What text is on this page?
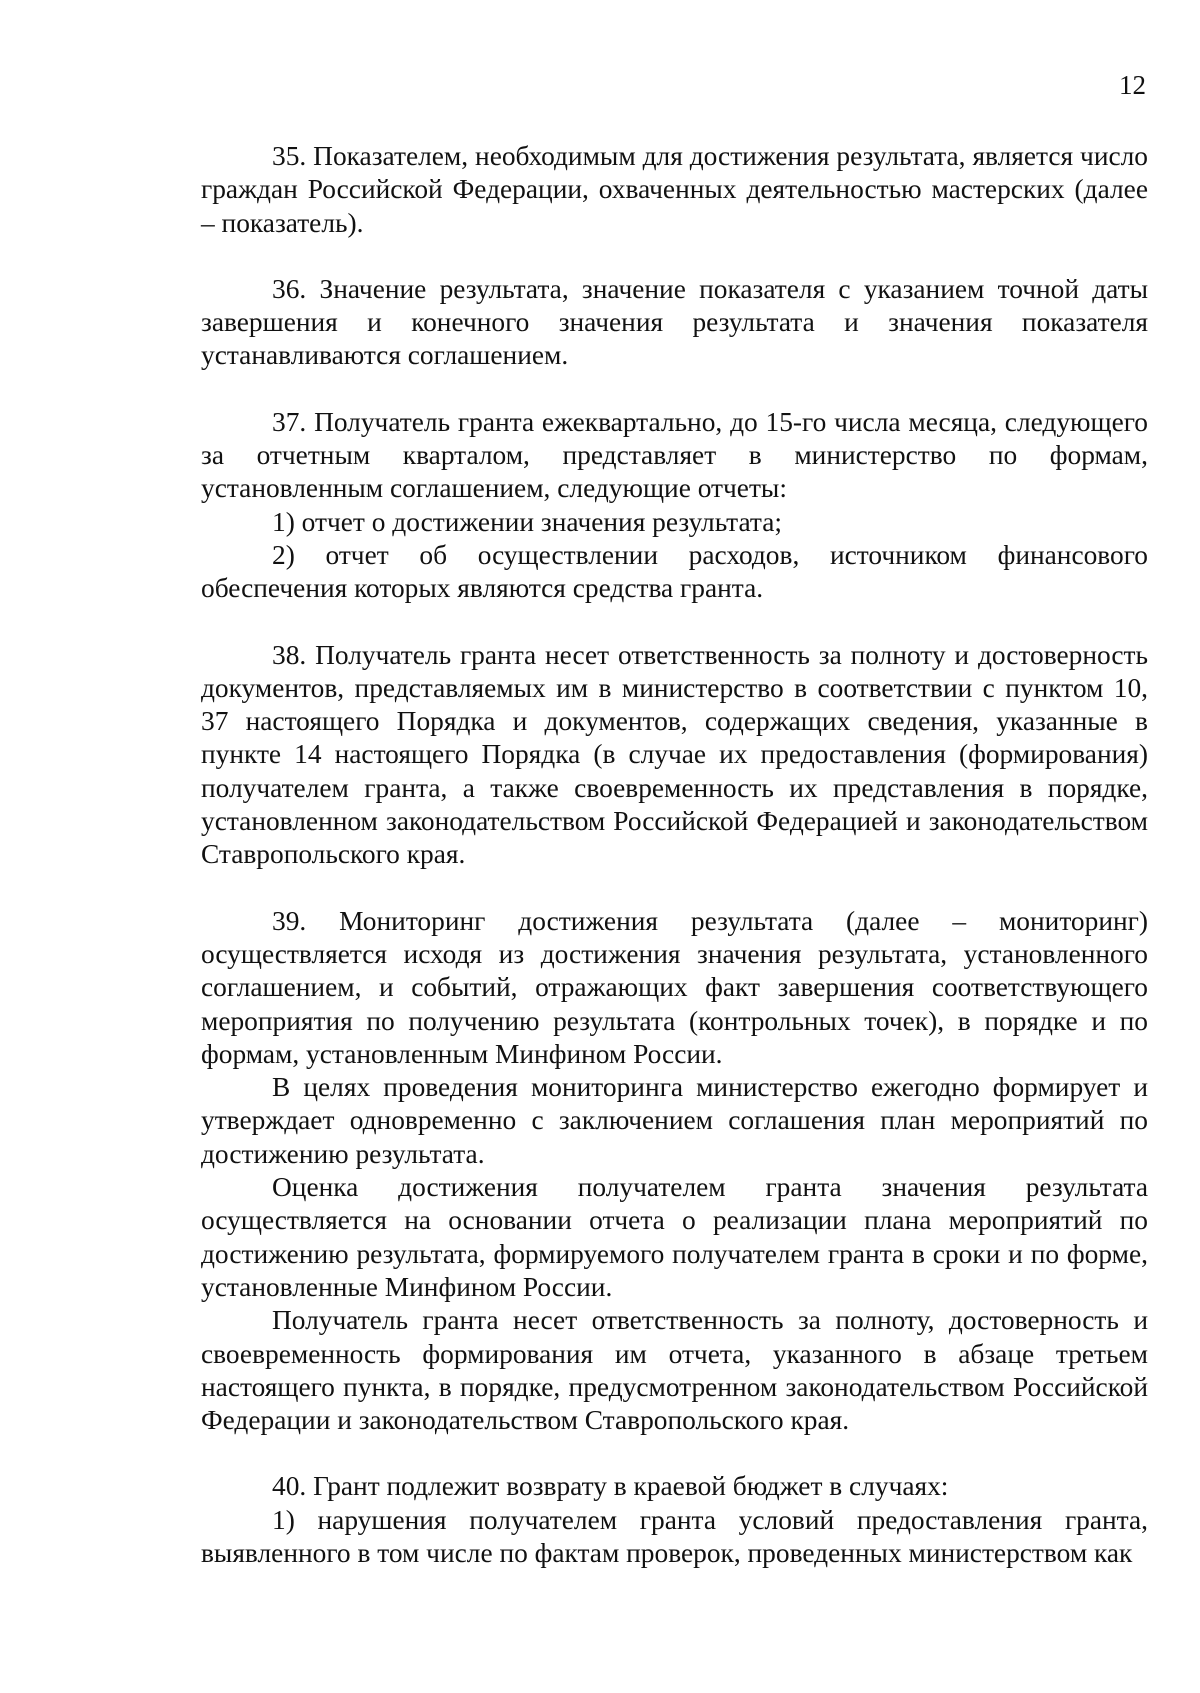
12

35. Показателем, необходимым для достижения результата, является число граждан Российской Федерации, охваченных деятельностью мастерских (далее – показатель).

36. Значение результата, значение показателя с указанием точной даты завершения и конечного значения результата и значения показателя устанавливаются соглашением.

37. Получатель гранта ежеквартально, до 15-го числа месяца, следующего за отчетным кварталом, представляет в министерство по формам, установленным соглашением, следующие отчеты:

1) отчет о достижении значения результата;

2) отчет об осуществлении расходов, источником финансового обеспечения которых являются средства гранта.

38. Получатель гранта несет ответственность за полноту и достоверность документов, представляемых им в министерство в соответствии с пунктом 10, 37 настоящего Порядка и документов, содержащих сведения, указанные в пункте 14 настоящего Порядка (в случае их предоставления (формирования) получателем гранта, а также своевременность их представления в порядке, установленном законодательством Российской Федерацией и законодательством Ставропольского края.

39. Мониторинг достижения результата (далее – мониторинг) осуществляется исходя из достижения значения результата, установленного соглашением, и событий, отражающих факт завершения соответствующего мероприятия по получению результата (контрольных точек), в порядке и по формам, установленным Минфином России.

В целях проведения мониторинга министерство ежегодно формирует и утверждает одновременно с заключением соглашения план мероприятий по достижению результата.

Оценка достижения получателем гранта значения результата осуществляется на основании отчета о реализации плана мероприятий по достижению результата, формируемого получателем гранта в сроки и по форме, установленные Минфином России.

Получатель гранта несет ответственность за полноту, достоверность и своевременность формирования им отчета, указанного в абзаце третьем настоящего пункта, в порядке, предусмотренном законодательством Российской Федерации и законодательством Ставропольского края.

40. Грант подлежит возврату в краевой бюджет в случаях:

1) нарушения получателем гранта условий предоставления гранта, выявленного в том числе по фактам проверок, проведенных министерством как
